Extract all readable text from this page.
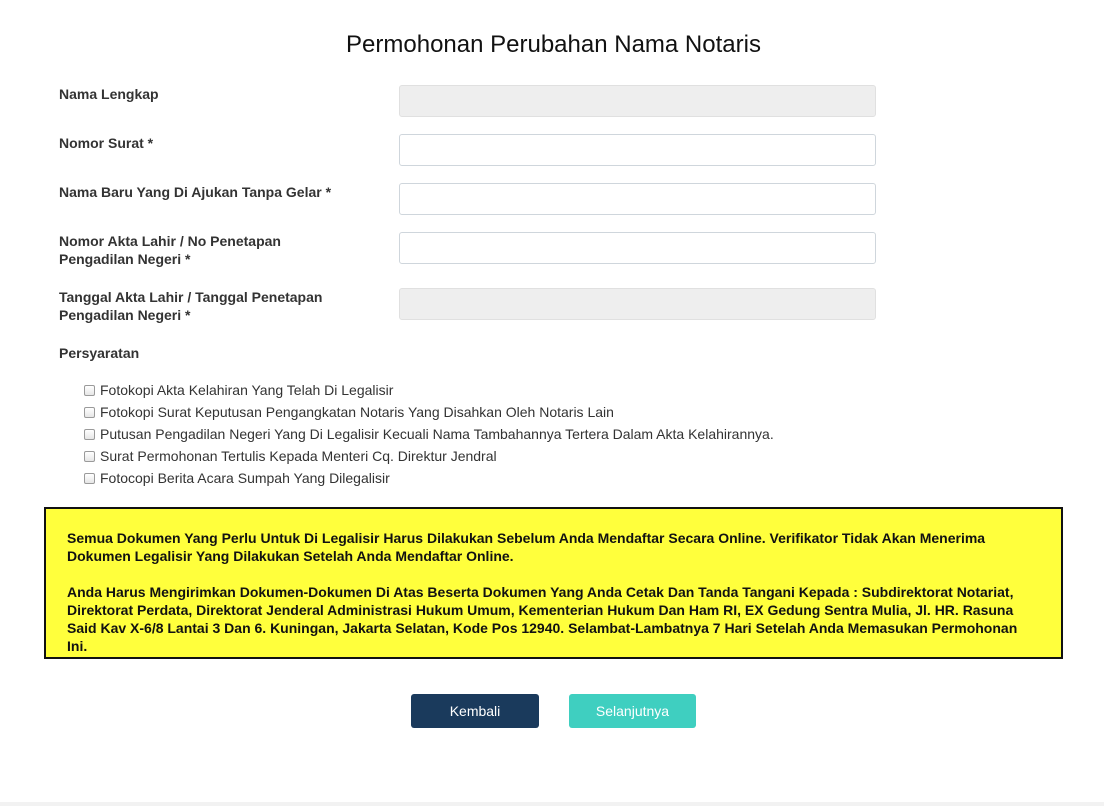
Permohonan Perubahan Nama Notaris
Nama Lengkap
Nomor Surat *
Nama Baru Yang Di Ajukan Tanpa Gelar *
Nomor Akta Lahir / No Penetapan Pengadilan Negeri *
Tanggal Akta Lahir / Tanggal Penetapan Pengadilan Negeri *
Persyaratan
Fotokopi Akta Kelahiran Yang Telah Di Legalisir
Fotokopi Surat Keputusan Pengangkatan Notaris Yang Disahkan Oleh Notaris Lain
Putusan Pengadilan Negeri Yang Di Legalisir Kecuali Nama Tambahannya Tertera Dalam Akta Kelahirannya.
Surat Permohonan Tertulis Kepada Menteri Cq. Direktur Jendral
Fotocopi Berita Acara Sumpah Yang Dilegalisir

Semua Dokumen Yang Perlu Untuk Di Legalisir Harus Dilakukan Sebelum Anda Mendaftar Secara Online. Verifikator Tidak Akan Menerima Dokumen Legalisir Yang Dilakukan Setelah Anda Mendaftar Online.

Anda Harus Mengirimkan Dokumen-Dokumen Di Atas Beserta Dokumen Yang Anda Cetak Dan Tanda Tangani Kepada : Subdirektorat Notariat, Direktorat Perdata, Direktorat Jenderal Administrasi Hukum Umum, Kementerian Hukum Dan Ham RI, EX Gedung Sentra Mulia, Jl. HR. Rasuna Said Kav X-6/8 Lantai 3 Dan 6. Kuningan, Jakarta Selatan, Kode Pos 12940. Selambat-Lambatnya 7 Hari Setelah Anda Memasukan Permohonan Ini.

Kembali	Selanjutnya
